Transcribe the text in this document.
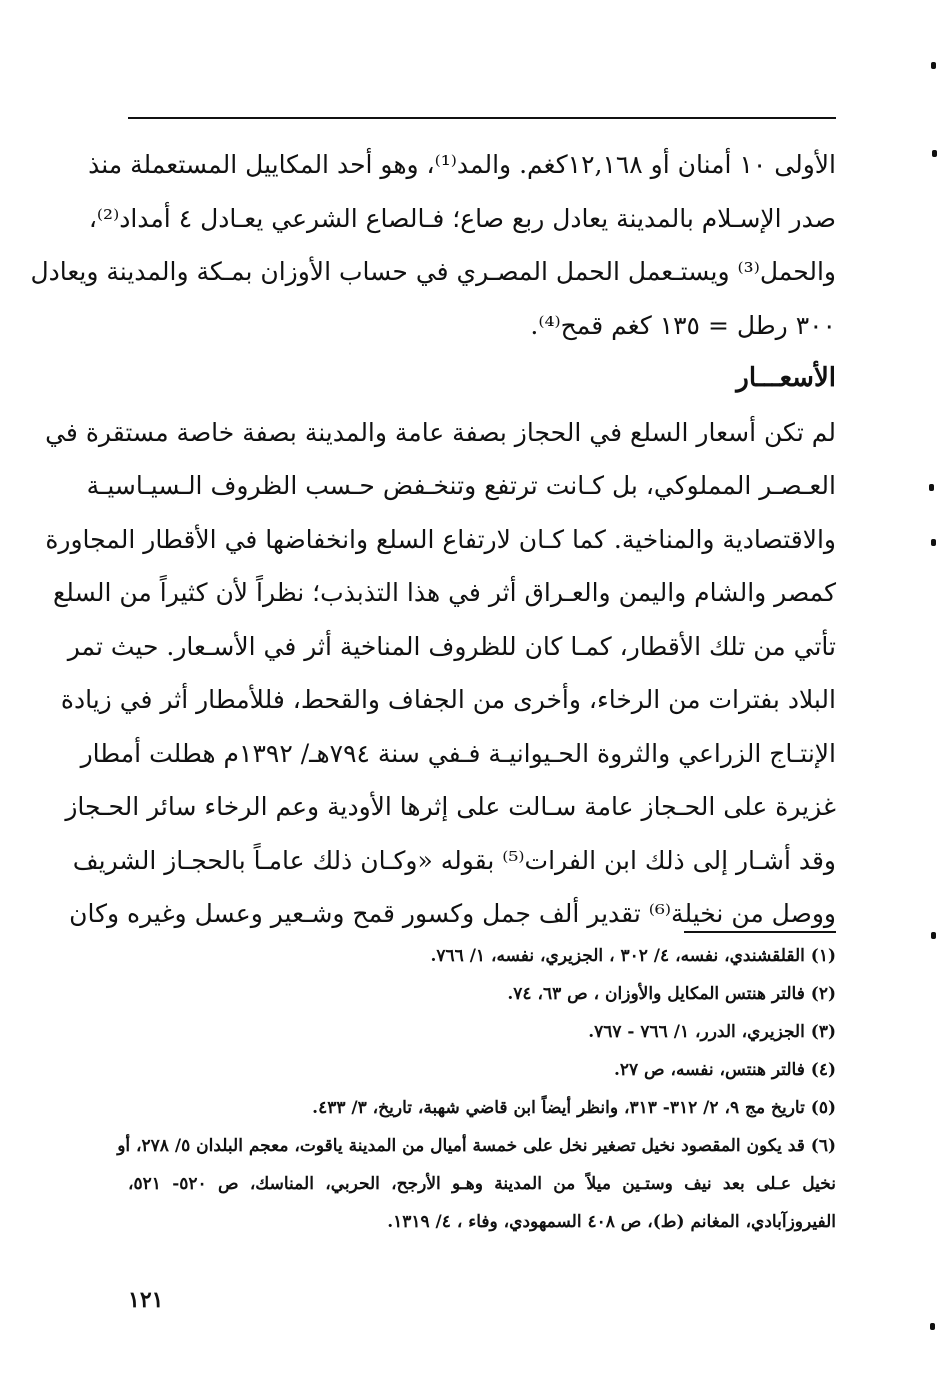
الأولى ١٠ أمنان أو ١٢,١٦٨كغم. والمد⁽¹⁾، وهو أحد المكاييل المستعملة منذ
صدر الإسـلام بالمدينة يعادل ربع صاع؛ فـالصاع الشرعي يعـادل ٤ أمداد⁽²⁾،
والحمل⁽³⁾ ويستـعمل الحمل المصـري في حساب الأوزان بمـكة والمدينة ويعادل
٣٠٠ رطل = ١٣٥ كغم قمح⁽⁴⁾.
الأسعـــار
لم تكن أسعار السلع في الحجاز بصفة عامة والمدينة بصفة خاصة مستقرة في
العـصـر المملوكي، بل كـانت ترتفع وتنخـفض حـسب الظروف الـسيـاسيـة
والاقتصادية والمناخية. كما كـان لارتفاع السلع وانخفاضها في الأقطار المجاورة
كمصر والشام واليمن والعـراق أثر في هذا التذبذب؛ نظراً لأن كثيراً من السلع
تأتي من تلك الأقطار، كمـا كان للظروف المناخية أثر في الأسـعار. حيث تمر
البلاد بفترات من الرخاء، وأخرى من الجفاف والقحط، فللأمطار أثر في زيادة
الإنتـاج الزراعي والثروة الحـيوانيـة فـفي سنة ٧٩٤هـ/ ١٣٩٢م هطلت أمطار
غزيرة على الحـجاز عامة سـالت على إثرها الأودية وعم الرخاء سائر الحـجاز
وقد أشـار إلى ذلك ابن الفرات⁽⁵⁾ بقوله «وكـان ذلك عامـاً بالحجـاز الشريف
ووصل من نخيلة⁽⁶⁾ تقدير ألف جمل وكسور قمح وشـعير وعسل وغيره وكان
(١) القلقشندي، نفسه، ٤/ ٣٠٢ ، الجزيري، نفسه، ١/ ٧٦٦.
(٢) فالتر هنتس المكايل والأوزان ، ص ٦٣، ٧٤.
(٣) الجزيري، الدرر، ١/ ٧٦٦ - ٧٦٧.
(٤) فالتر هنتس، نفسه، ص ٢٧.
(٥) تاريخ مج ٩، ٢/ ٣١٢- ٣١٣، وانظر أيضاً ابن قاضي شهبة، تاريخ، ٣/ ٤٣٣.
(٦) قد يكون المقصود نخيل تصغير نخل على خمسة أميال من المدينة ياقوت، معجم البلدان ٥/ ٢٧٨، أو
نخيل عـلى بعد نيف وستـين ميلاً من المدينة وهـو الأرجح، الحربي، المناسك، ص ٥٢٠- ٥٢١،
الفيروزآبادي، المغانم (ط)، ص ٤٠٨ السمهودي، وفاء ، ٤/ ١٣١٩.
١٢١
